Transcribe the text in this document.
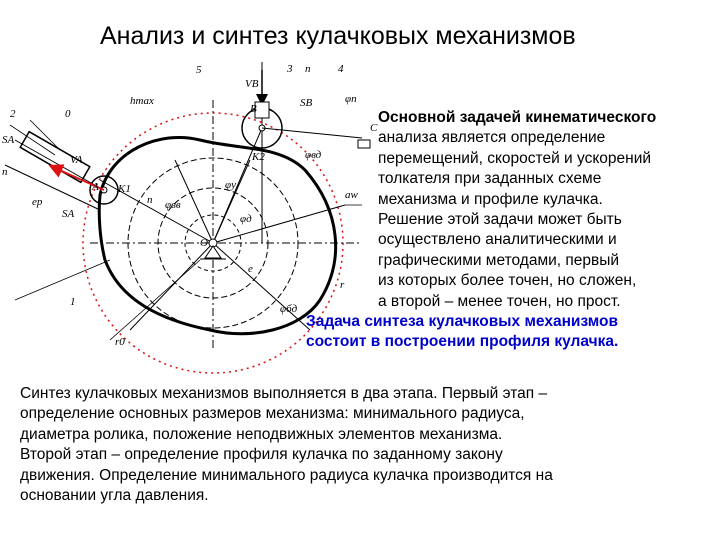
Анализ и синтез кулачковых механизмов
5	3	4
n
VB
SB
B
K2
hmax	φп
φвд
φу
φвв
φд
φбд
aw
2	0
1
SA
VA
n
A K1
eр
SA
n
O
e
r
r0
C
Основной задачей кинематического
анализа является определение
перемещений, скоростей и ускорений
толкателя при заданных схеме
механизма и профиле кулачка.
Решение этой задачи может быть
осуществлено аналитическими и
графическими методами, первый
из которых более точен, но сложен,
а второй – менее точен, но прост.
Задача синтеза кулачковых механизмов
состоит в построении профиля кулачка.
Синтез кулачковых механизмов выполняется в два этапа. Первый этап –
определение основных размеров механизма: минимального радиуса,
диаметра ролика, положение неподвижных элементов механизма.
Второй этап – определение профиля кулачка по заданному закону
движения. Определение минимального радиуса кулачка производится на
основании угла давления.
